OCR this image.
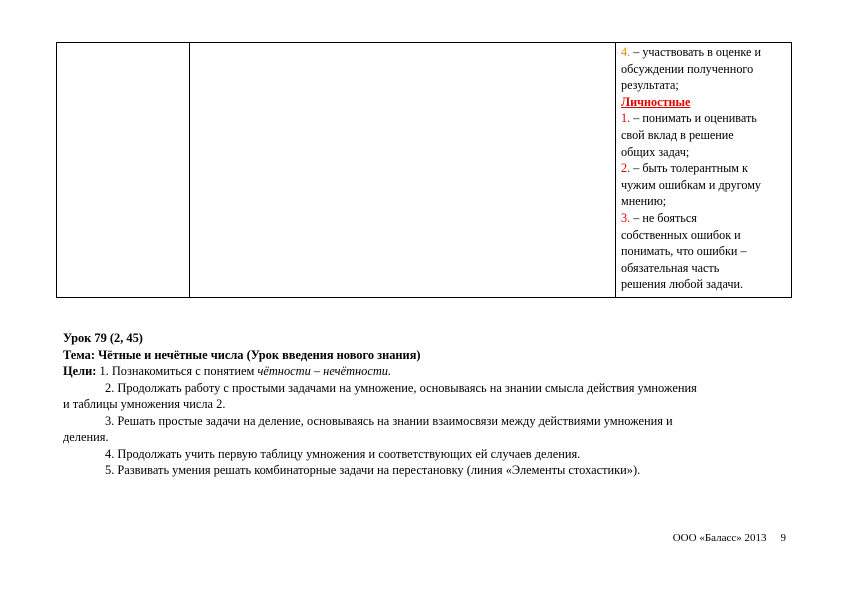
4. – участвовать в оценке и
обсуждении полученного
результата;
Личностные
1. – понимать и оценивать
свой вклад в решение
общих задач;
2. – быть толерантным к
чужим ошибкам и другому
мнению;
3. – не бояться
собственных ошибок и
понимать, что ошибки –
обязательная часть
решения любой задачи.
Урок 79 (2, 45)
Тема: Чётные и нечётные числа (Урок введения нового знания)
Цели: 1. Познакомиться с понятием чётности – нечётности.
2. Продолжать работу с простыми задачами на умножение, основываясь на знании смысла действия умножения
и таблицы умножения числа 2.
3. Решать простые задачи на деление, основываясь на знании взаимосвязи между действиями умножения и
деления.
4. Продолжать учить первую таблицу умножения и соответствующих ей случаев деления.
5. Развивать умения решать комбинаторные задачи на перестановку (линия «Элементы стохастики»).
ООО «Баласс» 2013 9
